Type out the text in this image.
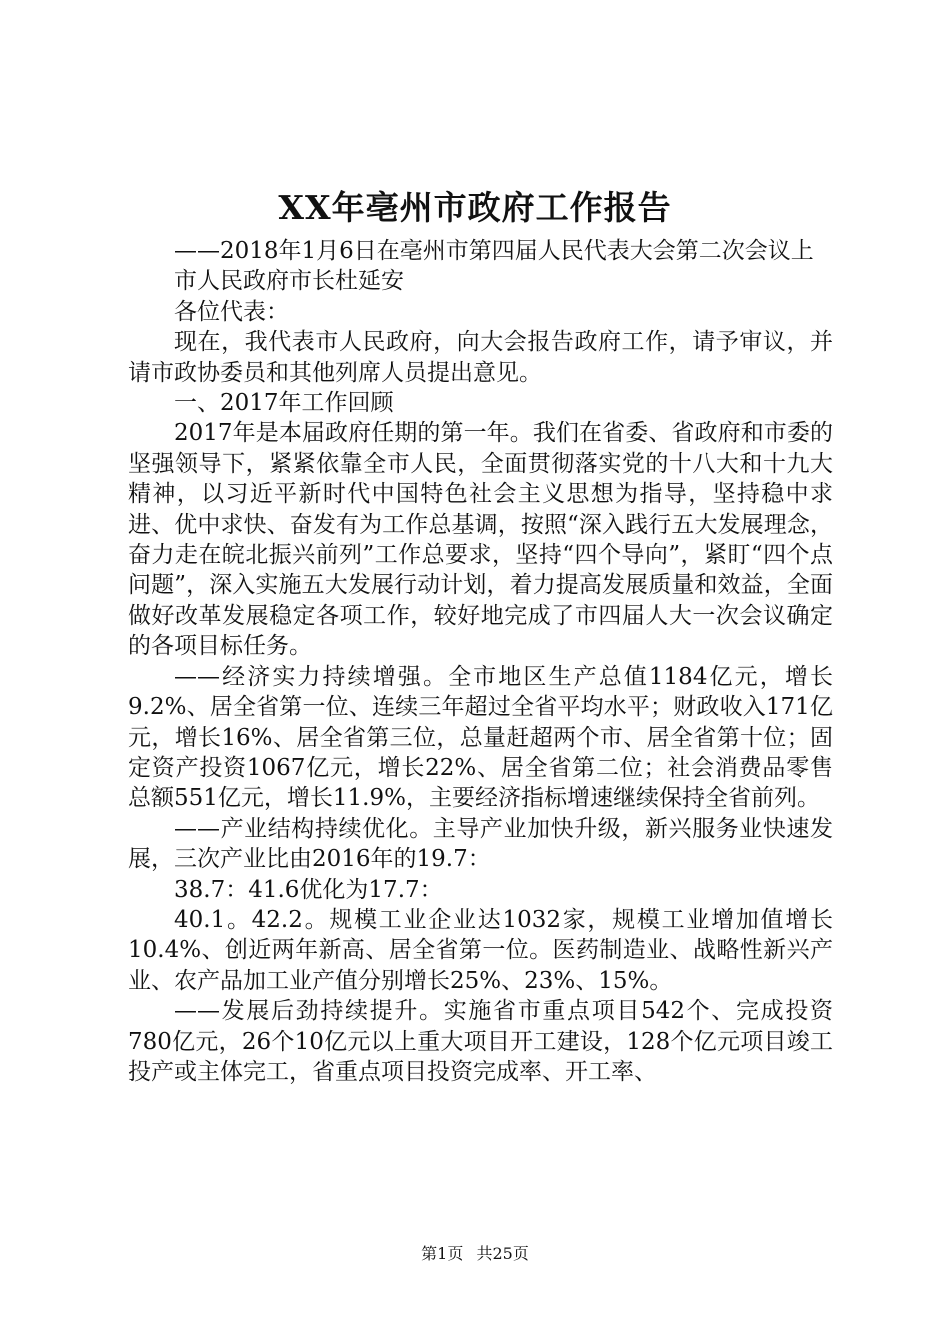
XX年亳州市政府工作报告

——2018年1月6日在亳州市第四届人民代表大会第二次会议上

市人民政府市长杜延安

各位代表：

现在，我代表市人民政府，向大会报告政府工作，请予审议，并请市政协委员和其他列席人员提出意见。

一、2017年工作回顾

2017年是本届政府任期的第一年。我们在省委、省政府和市委的坚强领导下，紧紧依靠全市人民，全面贯彻落实党的十八大和十九大精神，以习近平新时代中国特色社会主义思想为指导，坚持稳中求进、优中求快、奋发有为工作总基调，按照“深入践行五大发展理念，奋力走在皖北振兴前列”工作总要求，坚持“四个导向”，紧盯“四个点问题”，深入实施五大发展行动计划，着力提高发展质量和效益，全面做好改革发展稳定各项工作，较好地完成了市四届人大一次会议确定的各项目标任务。

——经济实力持续增强。全市地区生产总值1184亿元，增长9.2%、居全省第一位、连续三年超过全省平均水平；财政收入171亿元，增长16%、居全省第三位，总量赶超两个市、居全省第十位；固定资产投资1067亿元，增长22%、居全省第二位；社会消费品零售总额551亿元，增长11.9%，主要经济指标增速继续保持全省前列。

——产业结构持续优化。主导产业加快升级，新兴服务业快速发展，三次产业比由2016年的19.7：

38.7：41.6优化为17.7：

40.1。42.2。规模工业企业达1032家，规模工业增加值增长10.4%、创近两年新高、居全省第一位。医药制造业、战略性新兴产业、农产品加工业产值分别增长25%、23%、15%。

——发展后劲持续提升。实施省市重点项目542个、完成投资780亿元，26个10亿元以上重大项目开工建设，128个亿元项目竣工投产或主体完工，省重点项目投资完成率、开工率、

第1页 共25页
